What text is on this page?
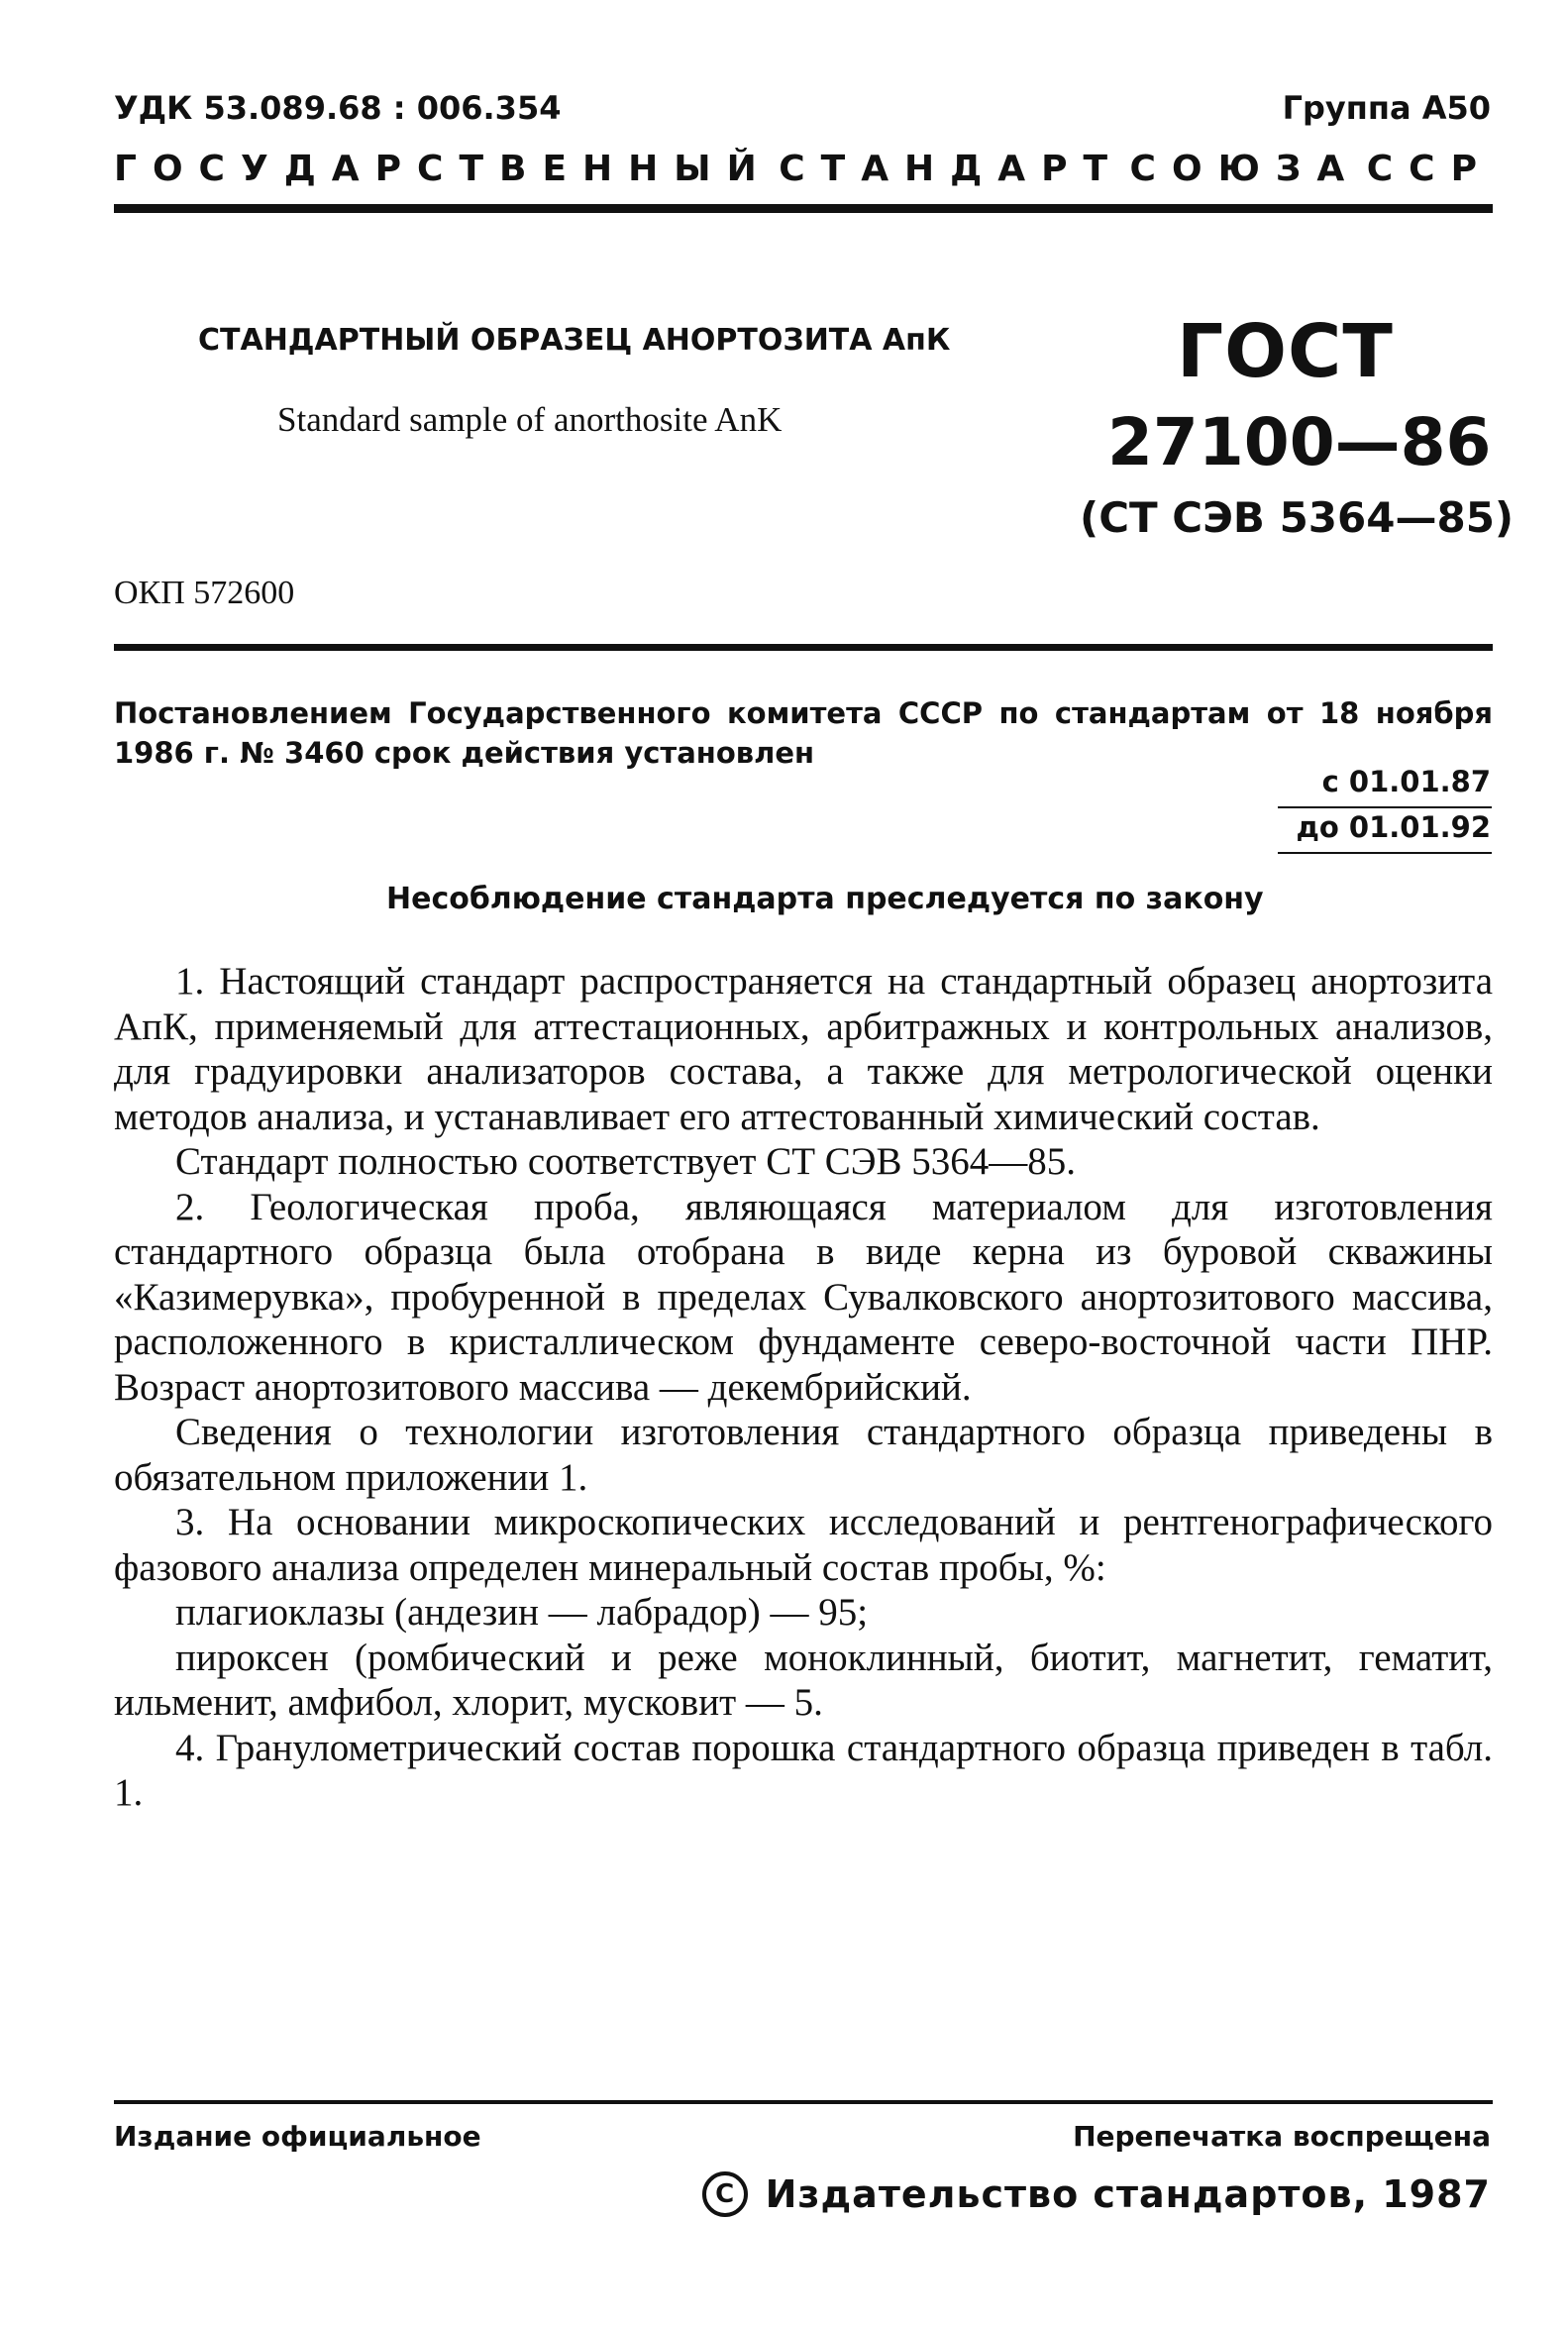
УДК 53.089.68 : 006.354	Группа А50
ГОСУДАРСТВЕННЫЙ СТАНДАРТ СОЮЗА ССР
СТАНДАРТНЫЙ ОБРАЗЕЦ АНОРТОЗИТА АпК
Standard sample of anorthosite AnK
ГОСТ
27100—86
(СТ СЭВ 5364—85)
ОКП 572600
Постановлением Государственного комитета СССР по стандартам от 18 ноября 1986 г. № 3460 срок действия установлен
с 01.01.87
до 01.01.92
Несоблюдение стандарта преследуется по закону

1. Настоящий стандарт распространяется на стандартный образец анортозита АпК, применяемый для аттестационных, арбитражных и контрольных анализов, для градуировки анализаторов состава, а также для метрологической оценки методов анализа, и устанавливает его аттестованный химический состав.

Стандарт полностью соответствует СТ СЭВ 5364—85.

2. Геологическая проба, являющаяся материалом для изготовления стандартного образца была отобрана в виде керна из буровой скважины «Казимерувка», пробуренной в пределах Сувалковского анортозитового массива, расположенного в кристаллическом фундаменте северо-восточной части ПНР. Возраст анортозитового массива — декембрийский.

Сведения о технологии изготовления стандартного образца приведены в обязательном приложении 1.

3. На основании микроскопических исследований и рентгенографического фазового анализа определен минеральный состав пробы, %:

плагиоклазы (андезин — лабрадор) — 95;

пироксен (ромбический и реже моноклинный, биотит, магнетит, гематит, ильменит, амфибол, хлорит, мусковит — 5.

4. Гранулометрический состав порошка стандартного образца приведен в табл. 1.

Издание официальное	Перепечатка воспрещена
C Издательство стандартов, 1987
